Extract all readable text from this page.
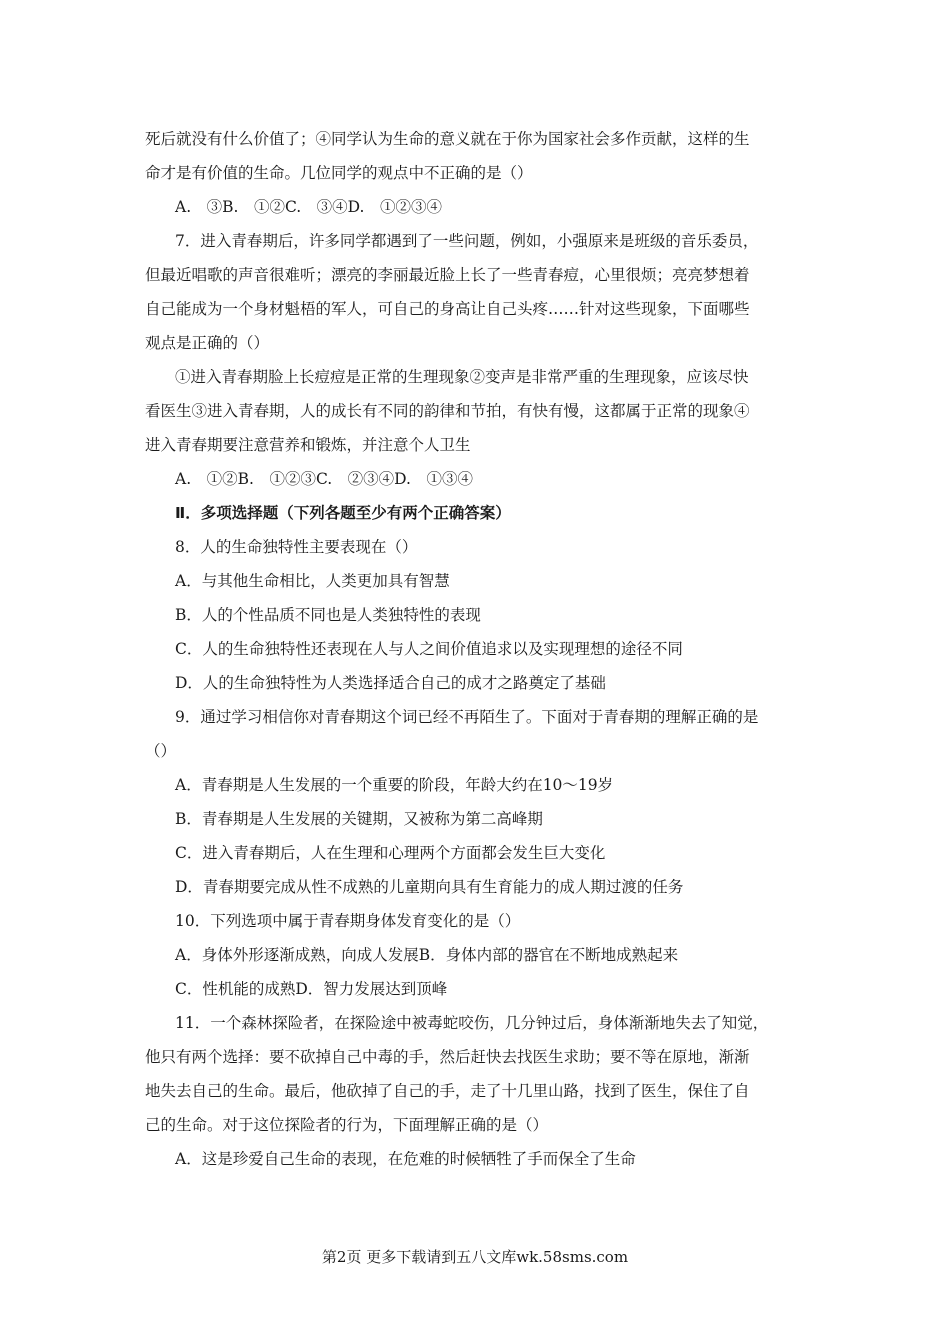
死后就没有什么价值了；④同学认为生命的意义就在于你为国家社会多作贡献，这样的生
命才是有价值的生命。几位同学的观点中不正确的是（）
A.　③B.　①②C.　③④D.　①②③④
7．进入青春期后，许多同学都遇到了一些问题，例如，小强原来是班级的音乐委员，
但最近唱歌的声音很难听；漂亮的李丽最近脸上长了一些青春痘，心里很烦；亮亮梦想着
自己能成为一个身材魁梧的军人，可自己的身高让自己头疼……针对这些现象，下面哪些
观点是正确的（）
①进入青春期脸上长痘痘是正常的生理现象②变声是非常严重的生理现象，应该尽快
看医生③进入青春期，人的成长有不同的韵律和节拍，有快有慢，这都属于正常的现象④
进入青春期要注意营养和锻炼，并注意个人卫生
A.　①②B.　①②③C.　②③④D.　①③④
Ⅱ．多项选择题（下列各题至少有两个正确答案）
8．人的生命独特性主要表现在（）
A．与其他生命相比，人类更加具有智慧
B．人的个性品质不同也是人类独特性的表现
C．人的生命独特性还表现在人与人之间价值追求以及实现理想的途径不同
D．人的生命独特性为人类选择适合自己的成才之路奠定了基础
9．通过学习相信你对青春期这个词已经不再陌生了。下面对于青春期的理解正确的是
（）
A．青春期是人生发展的一个重要的阶段，年龄大约在10～19岁
B．青春期是人生发展的关键期，又被称为第二高峰期
C．进入青春期后，人在生理和心理两个方面都会发生巨大变化
D．青春期要完成从性不成熟的儿童期向具有生育能力的成人期过渡的任务
10．下列选项中属于青春期身体发育变化的是（）
A．身体外形逐渐成熟，向成人发展B．身体内部的器官在不断地成熟起来
C．性机能的成熟D．智力发展达到顶峰
11．一个森林探险者，在探险途中被毒蛇咬伤，几分钟过后，身体渐渐地失去了知觉，
他只有两个选择：要不砍掉自己中毒的手，然后赶快去找医生求助；要不等在原地，渐渐
地失去自己的生命。最后，他砍掉了自己的手，走了十几里山路，找到了医生，保住了自
己的生命。对于这位探险者的行为，下面理解正确的是（）
A．这是珍爱自己生命的表现，在危难的时候牺牲了手而保全了生命
第2页 更多下载请到五八文库wk.58sms.com
